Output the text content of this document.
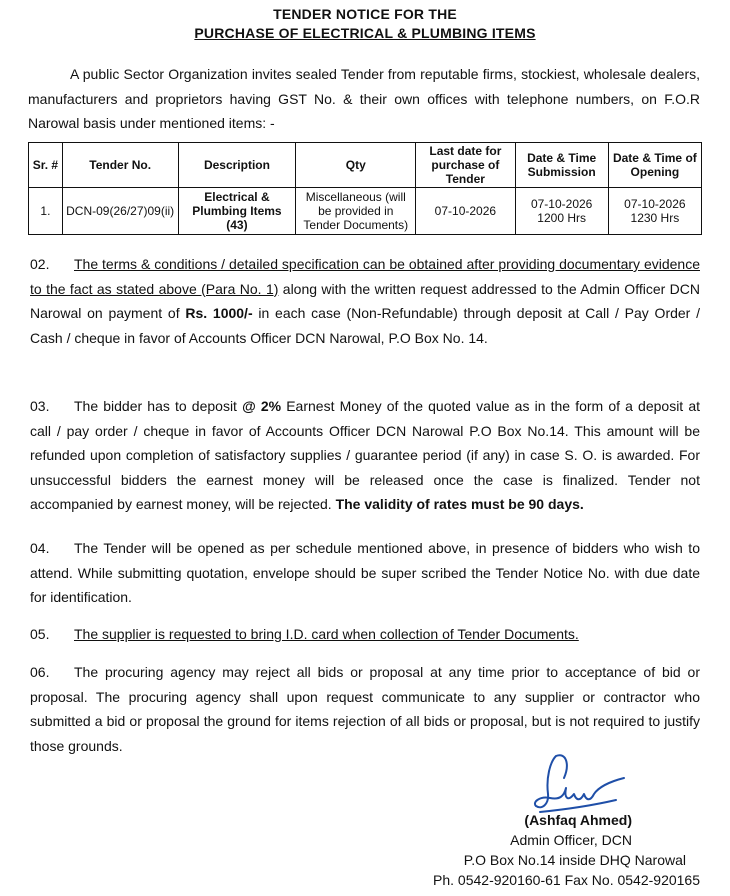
TENDER NOTICE FOR THE
PURCHASE OF ELECTRICAL & PLUMBING ITEMS
A public Sector Organization invites sealed Tender from reputable firms, stockiest, wholesale dealers, manufacturers and proprietors having GST No. & their own offices with telephone numbers, on F.O.R Narowal basis under mentioned items: -
Sr. #	Tender No.	Description	Qty	Last date for purchase of Tender	Date & Time Submission	Date & Time of Opening
1.	DCN-09(26/27)09(ii)	Electrical & Plumbing Items (43)	Miscellaneous (will be provided in Tender Documents)	07-10-2026	07-10-2026 1200 Hrs	07-10-2026 1230 Hrs
02. The terms & conditions / detailed specification can be obtained after providing documentary evidence to the fact as stated above (Para No. 1) along with the written request addressed to the Admin Officer DCN Narowal on payment of Rs. 1000/- in each case (Non-Refundable) through deposit at Call / Pay Order / Cash / cheque in favor of Accounts Officer DCN Narowal, P.O Box No. 14.
03. The bidder has to deposit @ 2% Earnest Money of the quoted value as in the form of a deposit at call / pay order / cheque in favor of Accounts Officer DCN Narowal P.O Box No.14. This amount will be refunded upon completion of satisfactory supplies / guarantee period (if any) in case S. O. is awarded. For unsuccessful bidders the earnest money will be released once the case is finalized. Tender not accompanied by earnest money, will be rejected. The validity of rates must be 90 days.
04. The Tender will be opened as per schedule mentioned above, in presence of bidders who wish to attend. While submitting quotation, envelope should be super scribed the Tender Notice No. with due date for identification.
05. The supplier is requested to bring I.D. card when collection of Tender Documents.
06. The procuring agency may reject all bids or proposal at any time prior to acceptance of bid or proposal. The procuring agency shall upon request communicate to any supplier or contractor who submitted a bid or proposal the ground for items rejection of all bids or proposal, but is not required to justify those grounds.
(Ashfaq Ahmed)
Admin Officer, DCN
P.O Box No.14 inside DHQ Narowal
Ph. 0542-920160-61 Fax No. 0542-920165
